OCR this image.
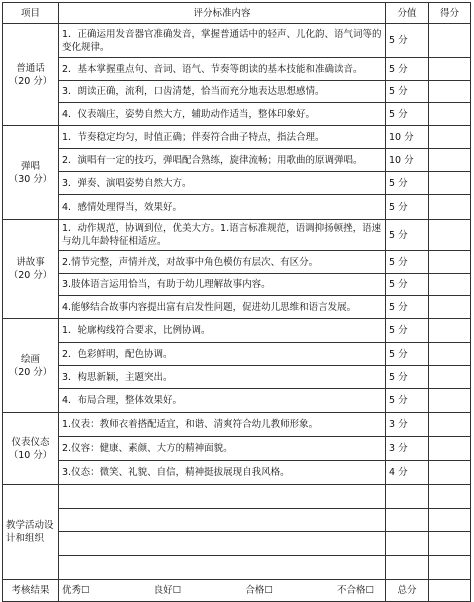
项目	评分标准内容	分值	得分

普通话
（20 分）	1．正确运用发音器官准确发音，掌握普通话中的轻声、儿化韵、语气词等的变化规律。	5 分	
	2．基本掌握重点句、音词、语气、节奏等朗读的基本技能和准确读音。	5 分	
	3．朗读正确，流利，口齿清楚，恰当而充分地表达思想感情。	5 分	
	4．仪表端庄，姿势自然大方，辅助动作适当，整体印象好。	5 分	

弹唱
（30 分）	1．节奏稳定均匀，时值正确；伴奏符合曲子特点，指法合理。	10 分	
	2．演唱有一定的技巧，弹唱配合熟练，旋律流畅；用歌曲的原调弹唱。	10 分	
	3．弹奏、演唱姿势自然大方。	5 分	
	4．感情处理得当，效果好。	5 分	

讲故事
（20 分）	1．动作规范，协调到位，优美大方。1.语言标准规范，语调抑扬顿挫，语速与幼儿年龄特征相适应。	5 分	
	2.情节完整，声情并茂，对故事中角色模仿有层次、有区分。	5 分	
	3.肢体语言运用恰当，有助于幼儿理解故事内容。	5 分	
	4.能够结合故事内容提出富有启发性问题，促进幼儿思维和语言发展。	5 分	

绘画
（20 分）	1．轮廓构线符合要求，比例协调。	5 分	
	2．色彩鲜明，配色协调。	5 分	
	3．构思新颖，主题突出。	5 分	
	4．布局合理，整体效果好。	5 分	

仪表仪态
（10 分）	1.仪表：教师衣着搭配适宜，和谐、清爽符合幼儿教师形象。	3 分	
	2.仪容：健康、素颜、大方的精神面貌。	3 分	
	3.仪态：微笑、礼貌、自信，精神挺拔展现自我风格。	4 分	
教学活动设计和组织			

考核结果	优秀☐ 良好☐ 合格☐ 不合格☐	总分	
